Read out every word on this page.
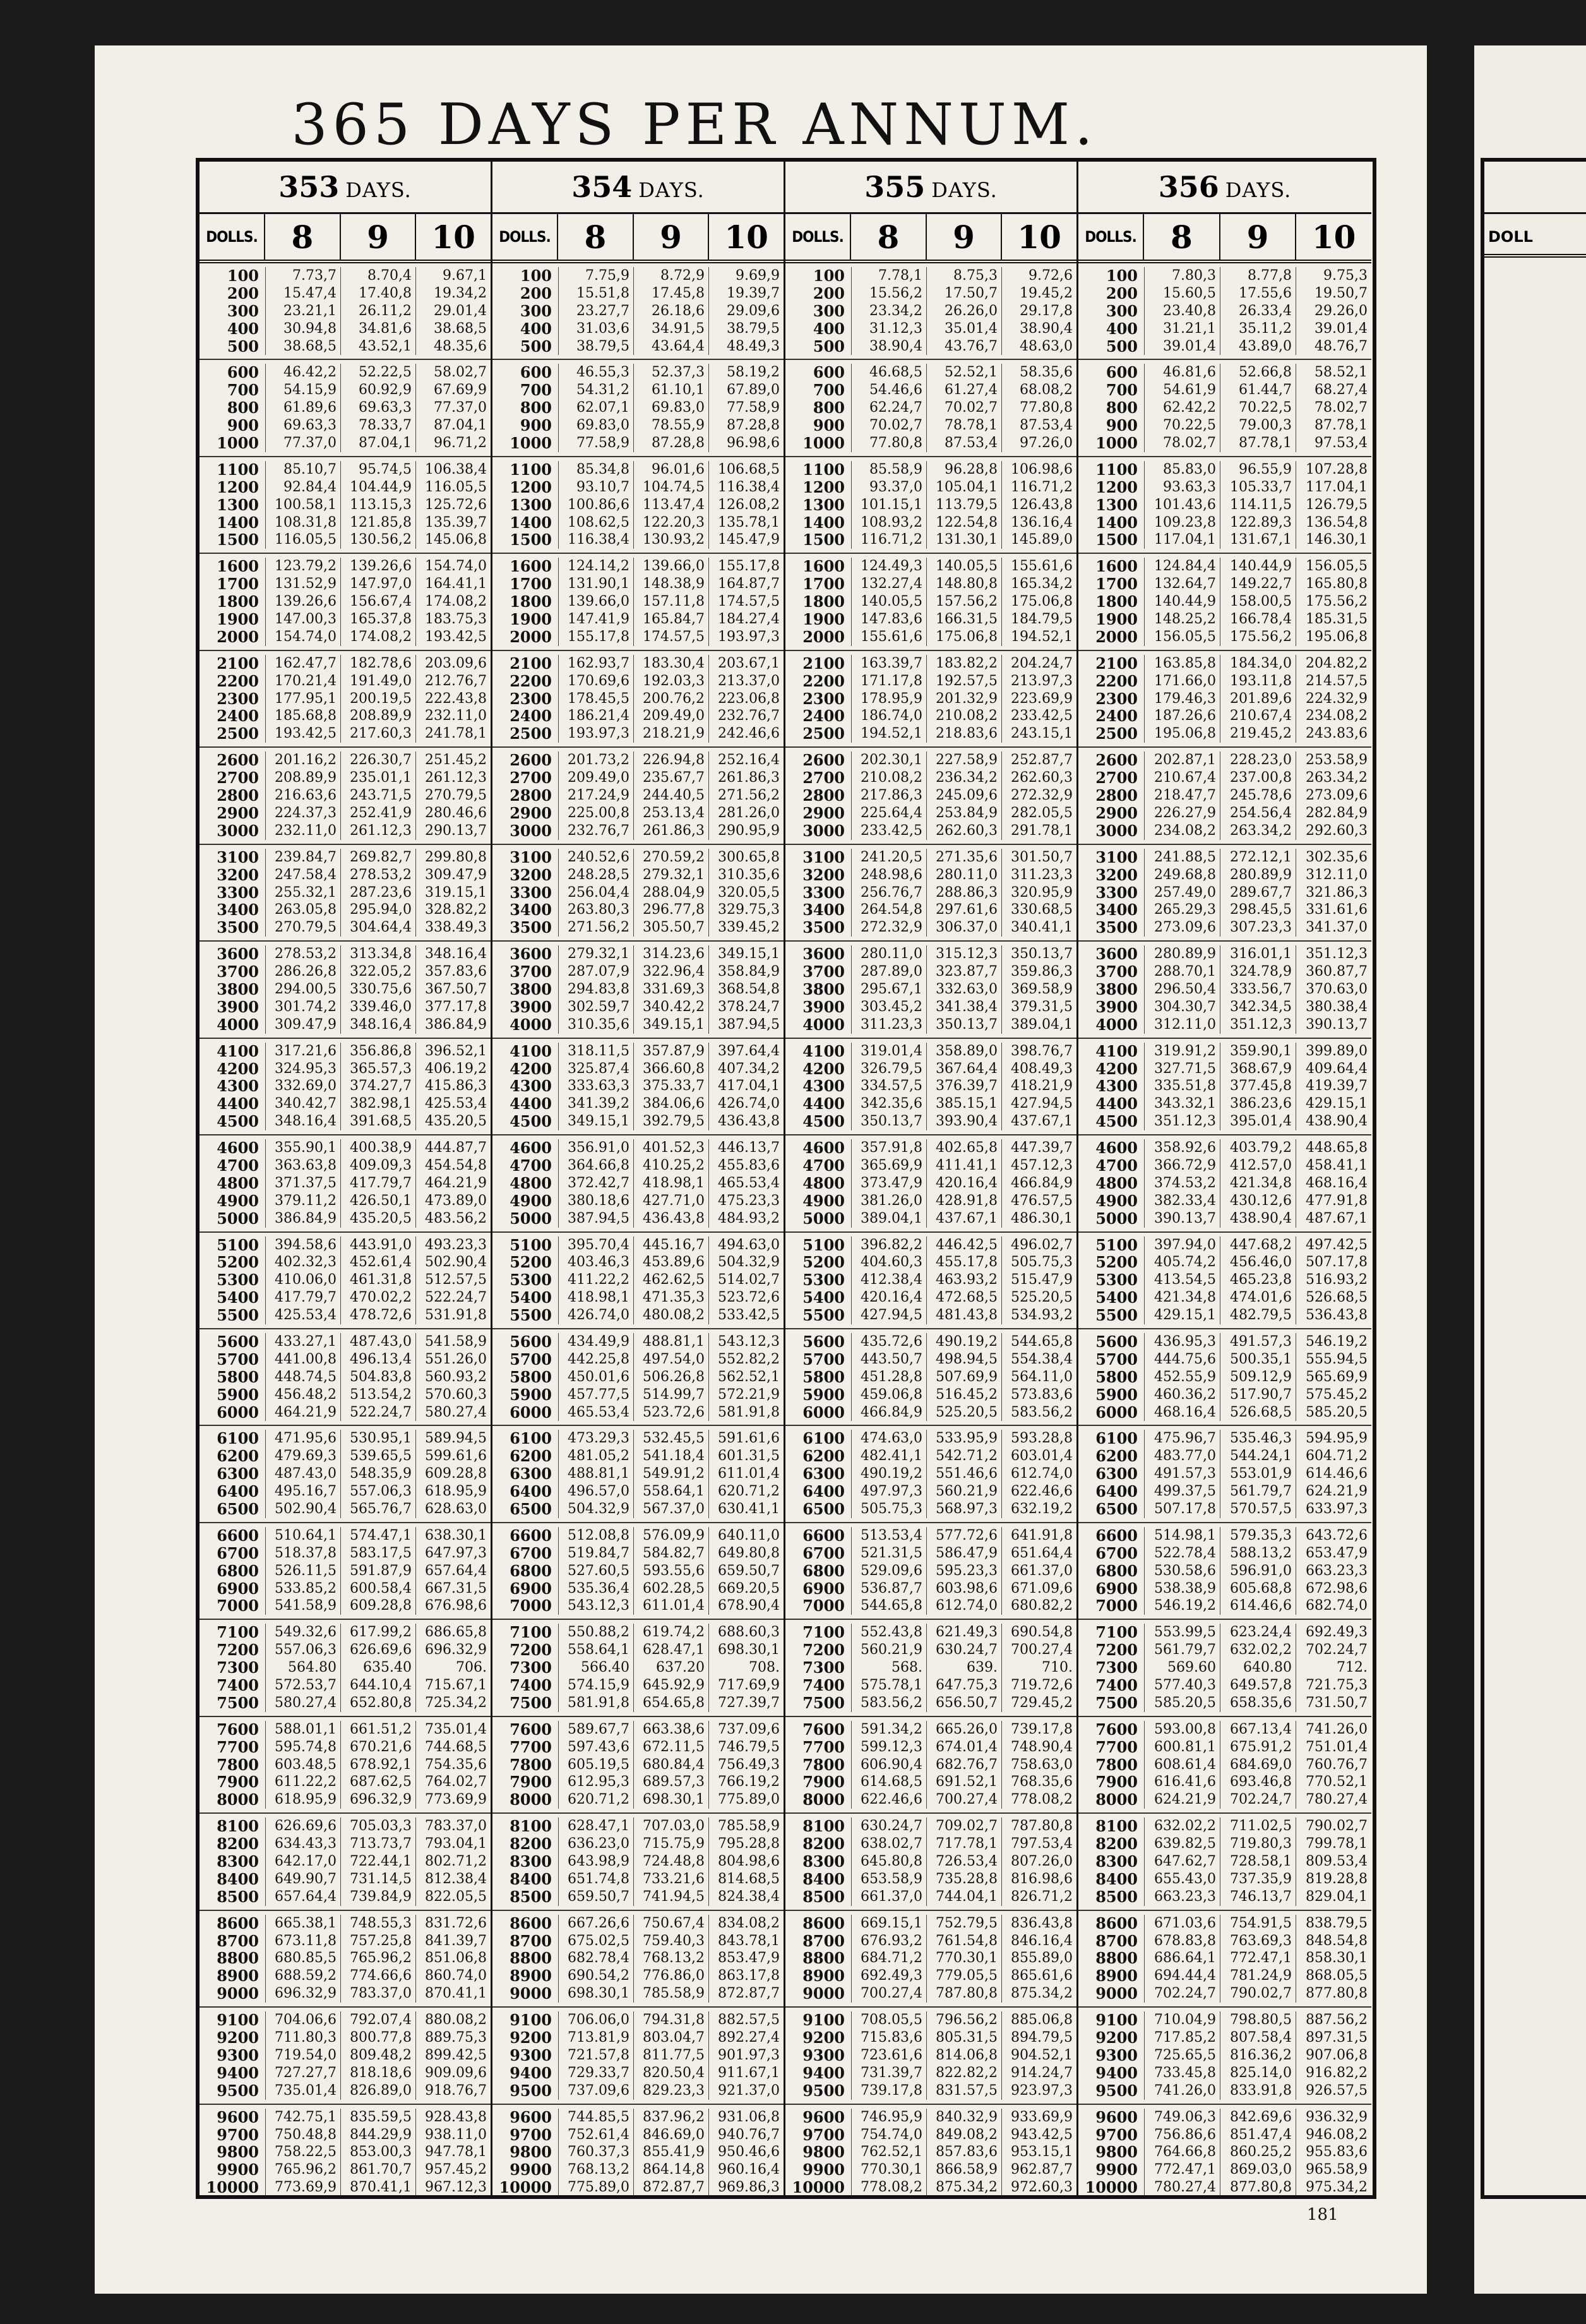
365 DAYS PER ANNUM.
353 DAYS.
DOLLS.	8	9	10
100	7.73,7	8.70,4	9.67,1
200	15.47,4	17.40,8	19.34,2
300	23.21,1	26.11,2	29.01,4
400	30.94,8	34.81,6	38.68,5
500	38.68,5	43.52,1	48.35,6
600	46.42,2	52.22,5	58.02,7
700	54.15,9	60.92,9	67.69,9
800	61.89,6	69.63,3	77.37,0
900	69.63,3	78.33,7	87.04,1
1000	77.37,0	87.04,1	96.71,2
1100	85.10,7	95.74,5 106.38,4
1200	92.84,4 104.44,9 116.05,5
1300	100.58,1 113.15,3 125.72,6
1400	108.31,8 121.85,8 135.39,7
1500	116.05,5 130.56,2 145.06,8
1600	123.79,2 139.26,6 154.74,0
1700	131.52,9 147.97,0 164.41,1
1800	139.26,6 156.67,4 174.08,2
1900	147.00,3 165.37,8 183.75,3
2000	154.74,0 174.08,2 193.42,5
2100	162.47,7 182.78,6 203.09,6
2200	170.21,4 191.49,0 212.76,7
2300	177.95,1 200.19,5 222.43,8
2400	185.68,8 208.89,9 232.11,0
2500	193.42,5 217.60,3 241.78,1
2600	201.16,2 226.30,7 251.45,2
2700	208.89,9 235.01,1 261.12,3
2800	216.63,6 243.71,5 270.79,5
2900	224.37,3 252.41,9 280.46,6
3000	232.11,0 261.12,3 290.13,7
3100	239.84,7 269.82,7 299.80,8
3200	247.58,4 278.53,2 309.47,9
3300	255.32,1 287.23,6 319.15,1
3400	263.05,8 295.94,0 328.82,2
3500	270.79,5 304.64,4 338.49,3
3600	278.53,2 313.34,8 348.16,4
3700	286.26,8 322.05,2 357.83,6
3800	294.00,5 330.75,6 367.50,7
3900	301.74,2 339.46,0 377.17,8
4000	309.47,9 348.16,4 386.84,9
4100	317.21,6 356.86,8 396.52,1
4200	324.95,3 365.57,3 406.19,2
4300	332.69,0 374.27,7 415.86,3
4400	340.42,7 382.98,1 425.53,4
4500	348.16,4 391.68,5 435.20,5
4600	355.90,1 400.38,9 444.87,7
4700	363.63,8 409.09,3 454.54,8
4800	371.37,5 417.79,7 464.21,9
4900	379.11,2 426.50,1 473.89,0
5000	386.84,9 435.20,5 483.56,2
5100	394.58,6 443.91,0 493.23,3
5200	402.32,3 452.61,4 502.90,4
5300	410.06,0 461.31,8 512.57,5
5400	417.79,7 470.02,2 522.24,7
5500	425.53,4 478.72,6 531.91,8
5600	433.27,1 487.43,0 541.58,9
5700	441.00,8 496.13,4 551.26,0
5800	448.74,5 504.83,8 560.93,2
5900	456.48,2 513.54,2 570.60,3
6000	464.21,9 522.24,7 580.27,4
6100	471.95,6 530.95,1 589.94,5
6200	479.69,3 539.65,5 599.61,6
6300	487.43,0 548.35,9 609.28,8
6400	495.16,7 557.06,3 618.95,9
6500	502.90,4 565.76,7 628.63,0
6600	510.64,1 574.47,1 638.30,1
6700	518.37,8 583.17,5 647.97,3
6800	526.11,5 591.87,9 657.64,4
6900	533.85,2 600.58,4 667.31,5
7000	541.58,9 609.28,8 676.98,6
7100	549.32,6 617.99,2 686.65,8
7200	557.06,3 626.69,6 696.32,9
7300	564.80	635.40	706.
7400	572.53,7 644.10,4 715.67,1
7500	580.27,4 652.80,8 725.34,2
7600	588.01,1 661.51,2 735.01,4
7700	595.74,8 670.21,6 744.68,5
7800	603.48,5 678.92,1 754.35,6
7900	611.22,2 687.62,5 764.02,7
8000	618.95,9 696.32,9 773.69,9
8100	626.69,6 705.03,3 783.37,0
8200	634.43,3 713.73,7 793.04,1
8300	642.17,0 722.44,1 802.71,2
8400	649.90,7 731.14,5 812.38,4
8500	657.64,4 739.84,9 822.05,5
8600	665.38,1 748.55,3 831.72,6
8700	673.11,8 757.25,8 841.39,7
8800	680.85,5 765.96,2 851.06,8
8900	688.59,2 774.66,6 860.74,0
9000	696.32,9 783.37,0 870.41,1
9100	704.06,6 792.07,4 880.08,2
9200	711.80,3 800.77,8 889.75,3
9300	719.54,0 809.48,2 899.42,5
9400	727.27,7 818.18,6 909.09,6
9500	735.01,4 826.89,0 918.76,7
9600	742.75,1 835.59,5 928.43,8
9700	750.48,8 844.29,9 938.11,0
9800	758.22,5 853.00,3 947.78,1
9900	765.96,2 861.70,7 957.45,2
10000	773.69,9 870.41,1 967.12,3
354 DAYS.
DOLLS.	8	9	10
100	7.75,9	8.72,9	9.69,9
200	15.51,8	17.45,8	19.39,7
300	23.27,7	26.18,6	29.09,6
400	31.03,6	34.91,5	38.79,5
500	38.79,5	43.64,4	48.49,3
600	46.55,3	52.37,3	58.19,2
700	54.31,2	61.10,1	67.89,0
800	62.07,1	69.83,0	77.58,9
900	69.83,0	78.55,9	87.28,8
1000	77.58,9	87.28,8	96.98,6
1100	85.34,8	96.01,6 106.68,5
1200	93.10,7 104.74,5 116.38,4
1300	100.86,6 113.47,4 126.08,2
1400	108.62,5 122.20,3 135.78,1
1500	116.38,4 130.93,2 145.47,9
1600	124.14,2 139.66,0 155.17,8
1700	131.90,1 148.38,9 164.87,7
1800	139.66,0 157.11,8 174.57,5
1900	147.41,9 165.84,7 184.27,4
2000	155.17,8 174.57,5 193.97,3
2100	162.93,7 183.30,4 203.67,1
2200	170.69,6 192.03,3 213.37,0
2300	178.45,5 200.76,2 223.06,8
2400	186.21,4 209.49,0 232.76,7
2500	193.97,3 218.21,9 242.46,6
2600	201.73,2 226.94,8 252.16,4
2700	209.49,0 235.67,7 261.86,3
2800	217.24,9 244.40,5 271.56,2
2900	225.00,8 253.13,4 281.26,0
3000	232.76,7 261.86,3 290.95,9
3100	240.52,6 270.59,2 300.65,8
3200	248.28,5 279.32,1 310.35,6
3300	256.04,4 288.04,9 320.05,5
3400	263.80,3 296.77,8 329.75,3
3500	271.56,2 305.50,7 339.45,2
3600	279.32,1 314.23,6 349.15,1
3700	287.07,9 322.96,4 358.84,9
3800	294.83,8 331.69,3 368.54,8
3900	302.59,7 340.42,2 378.24,7
4000	310.35,6 349.15,1 387.94,5
4100	318.11,5 357.87,9 397.64,4
4200	325.87,4 366.60,8 407.34,2
4300	333.63,3 375.33,7 417.04,1
4400	341.39,2 384.06,6 426.74,0
4500	349.15,1 392.79,5 436.43,8
4600	356.91,0 401.52,3 446.13,7
4700	364.66,8 410.25,2 455.83,6
4800	372.42,7 418.98,1 465.53,4
4900	380.18,6 427.71,0 475.23,3
5000	387.94,5 436.43,8 484.93,2
5100	395.70,4 445.16,7 494.63,0
5200	403.46,3 453.89,6 504.32,9
5300	411.22,2 462.62,5 514.02,7
5400	418.98,1 471.35,3 523.72,6
5500	426.74,0 480.08,2 533.42,5
5600	434.49,9 488.81,1 543.12,3
5700	442.25,8 497.54,0 552.82,2
5800	450.01,6 506.26,8 562.52,1
5900	457.77,5 514.99,7 572.21,9
6000	465.53,4 523.72,6 581.91,8
6100	473.29,3 532.45,5 591.61,6
6200	481.05,2 541.18,4 601.31,5
6300	488.81,1 549.91,2 611.01,4
6400	496.57,0 558.64,1 620.71,2
6500	504.32,9 567.37,0 630.41,1
6600	512.08,8 576.09,9 640.11,0
6700	519.84,7 584.82,7 649.80,8
6800	527.60,5 593.55,6 659.50,7
6900	535.36,4 602.28,5 669.20,5
7000	543.12,3 611.01,4 678.90,4
7100	550.88,2 619.74,2 688.60,3
7200	558.64,1 628.47,1 698.30,1
7300	566.40	637.20	708.
7400	574.15,9 645.92,9 717.69,9
7500	581.91,8 654.65,8 727.39,7
7600	589.67,7 663.38,6 737.09,6
7700	597.43,6 672.11,5 746.79,5
7800	605.19,5 680.84,4 756.49,3
7900	612.95,3 689.57,3 766.19,2
8000	620.71,2 698.30,1 775.89,0
8100	628.47,1 707.03,0 785.58,9
8200	636.23,0 715.75,9 795.28,8
8300	643.98,9 724.48,8 804.98,6
8400	651.74,8 733.21,6 814.68,5
8500	659.50,7 741.94,5 824.38,4
8600	667.26,6 750.67,4 834.08,2
8700	675.02,5 759.40,3 843.78,1
8800	682.78,4 768.13,2 853.47,9
8900	690.54,2 776.86,0 863.17,8
9000	698.30,1 785.58,9 872.87,7
9100	706.06,0 794.31,8 882.57,5
9200	713.81,9 803.04,7 892.27,4
9300	721.57,8 811.77,5 901.97,3
9400	729.33,7 820.50,4 911.67,1
9500	737.09,6 829.23,3 921.37,0
9600	744.85,5 837.96,2 931.06,8
9700	752.61,4 846.69,0 940.76,7
9800	760.37,3 855.41,9 950.46,6
9900	768.13,2 864.14,8 960.16,4
10000	775.89,0 872.87,7 969.86,3
355 DAYS.
DOLLS.	8	9	10
100	7.78,1	8.75,3	9.72,6
200	15.56,2	17.50,7	19.45,2
300	23.34,2	26.26,0	29.17,8
400	31.12,3	35.01,4	38.90,4
500	38.90,4	43.76,7	48.63,0
600	46.68,5	52.52,1	58.35,6
700	54.46,6	61.27,4	68.08,2
800	62.24,7	70.02,7	77.80,8
900	70.02,7	78.78,1	87.53,4
1000	77.80,8	87.53,4	97.26,0
1100	85.58,9	96.28,8 106.98,6
1200	93.37,0 105.04,1 116.71,2
1300	101.15,1 113.79,5 126.43,8
1400	108.93,2 122.54,8 136.16,4
1500	116.71,2 131.30,1 145.89,0
1600	124.49,3 140.05,5 155.61,6
1700	132.27,4 148.80,8 165.34,2
1800	140.05,5 157.56,2 175.06,8
1900	147.83,6 166.31,5 184.79,5
2000	155.61,6 175.06,8 194.52,1
2100	163.39,7 183.82,2 204.24,7
2200	171.17,8 192.57,5 213.97,3
2300	178.95,9 201.32,9 223.69,9
2400	186.74,0 210.08,2 233.42,5
2500	194.52,1 218.83,6 243.15,1
2600	202.30,1 227.58,9 252.87,7
2700	210.08,2 236.34,2 262.60,3
2800	217.86,3 245.09,6 272.32,9
2900	225.64,4 253.84,9 282.05,5
3000	233.42,5 262.60,3 291.78,1
3100	241.20,5 271.35,6 301.50,7
3200	248.98,6 280.11,0 311.23,3
3300	256.76,7 288.86,3 320.95,9
3400	264.54,8 297.61,6 330.68,5
3500	272.32,9 306.37,0 340.41,1
3600	280.11,0 315.12,3 350.13,7
3700	287.89,0 323.87,7 359.86,3
3800	295.67,1 332.63,0 369.58,9
3900	303.45,2 341.38,4 379.31,5
4000	311.23,3 350.13,7 389.04,1
4100	319.01,4 358.89,0 398.76,7
4200	326.79,5 367.64,4 408.49,3
4300	334.57,5 376.39,7 418.21,9
4400	342.35,6 385.15,1 427.94,5
4500	350.13,7 393.90,4 437.67,1
4600	357.91,8 402.65,8 447.39,7
4700	365.69,9 411.41,1 457.12,3
4800	373.47,9 420.16,4 466.84,9
4900	381.26,0 428.91,8 476.57,5
5000	389.04,1 437.67,1 486.30,1
5100	396.82,2 446.42,5 496.02,7
5200	404.60,3 455.17,8 505.75,3
5300	412.38,4 463.93,2 515.47,9
5400	420.16,4 472.68,5 525.20,5
5500	427.94,5 481.43,8 534.93,2
5600	435.72,6 490.19,2 544.65,8
5700	443.50,7 498.94,5 554.38,4
5800	451.28,8 507.69,9 564.11,0
5900	459.06,8 516.45,2 573.83,6
6000	466.84,9 525.20,5 583.56,2
6100	474.63,0 533.95,9 593.28,8
6200	482.41,1 542.71,2 603.01,4
6300	490.19,2 551.46,6 612.74,0
6400	497.97,3 560.21,9 622.46,6
6500	505.75,3 568.97,3 632.19,2
6600	513.53,4 577.72,6 641.91,8
6700	521.31,5 586.47,9 651.64,4
6800	529.09,6 595.23,3 661.37,0
6900	536.87,7 603.98,6 671.09,6
7000	544.65,8 612.74,0 680.82,2
7100	552.43,8 621.49,3 690.54,8
7200	560.21,9 630.24,7 700.27,4
7300	568.	639.	710.
7400	575.78,1 647.75,3 719.72,6
7500	583.56,2 656.50,7 729.45,2
7600	591.34,2 665.26,0 739.17,8
7700	599.12,3 674.01,4 748.90,4
7800	606.90,4 682.76,7 758.63,0
7900	614.68,5 691.52,1 768.35,6
8000	622.46,6 700.27,4 778.08,2
8100	630.24,7 709.02,7 787.80,8
8200	638.02,7 717.78,1 797.53,4
8300	645.80,8 726.53,4 807.26,0
8400	653.58,9 735.28,8 816.98,6
8500	661.37,0 744.04,1 826.71,2
8600	669.15,1 752.79,5 836.43,8
8700	676.93,2 761.54,8 846.16,4
8800	684.71,2 770.30,1 855.89,0
8900	692.49,3 779.05,5 865.61,6
9000	700.27,4 787.80,8 875.34,2
9100	708.05,5 796.56,2 885.06,8
9200	715.83,6 805.31,5 894.79,5
9300	723.61,6 814.06,8 904.52,1
9400	731.39,7 822.82,2 914.24,7
9500	739.17,8 831.57,5 923.97,3
9600	746.95,9 840.32,9 933.69,9
9700	754.74,0 849.08,2 943.42,5
9800	762.52,1 857.83,6 953.15,1
9900	770.30,1 866.58,9 962.87,7
10000	778.08,2 875.34,2 972.60,3
356 DAYS.
DOLLS.	8	9	10
100	7.80,3	8.77,8	9.75,3
200	15.60,5	17.55,6	19.50,7
300	23.40,8	26.33,4	29.26,0
400	31.21,1	35.11,2	39.01,4
500	39.01,4	43.89,0	48.76,7
600	46.81,6	52.66,8	58.52,1
700	54.61,9	61.44,7	68.27,4
800	62.42,2	70.22,5	78.02,7
900	70.22,5	79.00,3	87.78,1
1000	78.02,7	87.78,1	97.53,4
1100	85.83,0	96.55,9	107.28,8
1200	93.63,3	105.33,7	117.04,1
1300	101.43,6	114.11,5	126.79,5
1400	109.23,8	122.89,3	136.54,8
1500	117.04,1	131.67,1	146.30,1
1600	124.84,4	140.44,9	156.05,5
1700	132.64,7	149.22,7	165.80,8
1800	140.44,9	158.00,5	175.56,2
1900	148.25,2	166.78,4	185.31,5
2000	156.05,5	175.56,2	195.06,8
2100	163.85,8	184.34,0	204.82,2
2200	171.66,0	193.11,8	214.57,5
2300	179.46,3	201.89,6	224.32,9
2400	187.26,6	210.67,4	234.08,2
2500	195.06,8	219.45,2	243.83,6
2600	202.87,1	228.23,0	253.58,9
2700	210.67,4	237.00,8	263.34,2
2800	218.47,7	245.78,6	273.09,6
2900	226.27,9	254.56,4	282.84,9
3000	234.08,2	263.34,2	292.60,3
3100	241.88,5	272.12,1	302.35,6
3200	249.68,8	280.89,9	312.11,0
3300	257.49,0	289.67,7	321.86,3
3400	265.29,3	298.45,5	331.61,6
3500	273.09,6	307.23,3	341.37,0
3600	280.89,9	316.01,1	351.12,3
3700	288.70,1	324.78,9	360.87,7
3800	296.50,4	333.56,7	370.63,0
3900	304.30,7	342.34,5	380.38,4
4000	312.11,0	351.12,3	390.13,7
4100	319.91,2	359.90,1	399.89,0
4200	327.71,5	368.67,9	409.64,4
4300	335.51,8	377.45,8	419.39,7
4400	343.32,1	386.23,6	429.15,1
4500	351.12,3	395.01,4	438.90,4
4600	358.92,6	403.79,2	448.65,8
4700	366.72,9	412.57,0	458.41,1
4800	374.53,2	421.34,8	468.16,4
4900	382.33,4	430.12,6	477.91,8
5000	390.13,7	438.90,4	487.67,1
5100	397.94,0	447.68,2	497.42,5
5200	405.74,2	456.46,0	507.17,8
5300	413.54,5	465.23,8	516.93,2
5400	421.34,8	474.01,6	526.68,5
5500	429.15,1	482.79,5	536.43,8
5600	436.95,3	491.57,3	546.19,2
5700	444.75,6	500.35,1	555.94,5
5800	452.55,9	509.12,9	565.69,9
5900	460.36,2	517.90,7	575.45,2
6000	468.16,4	526.68,5	585.20,5
6100	475.96,7	535.46,3	594.95,9
6200	483.77,0	544.24,1	604.71,2
6300	491.57,3	553.01,9	614.46,6
6400	499.37,5	561.79,7	624.21,9
6500	507.17,8	570.57,5	633.97,3
6600	514.98,1	579.35,3	643.72,6
6700	522.78,4	588.13,2	653.47,9
6800	530.58,6	596.91,0	663.23,3
6900	538.38,9	605.68,8	672.98,6
7000	546.19,2	614.46,6	682.74,0
7100	553.99,5	623.24,4	692.49,3
7200	561.79,7	632.02,2	702.24,7
7300	569.60	640.80	712.
7400	577.40,3	649.57,8	721.75,3
7500	585.20,5	658.35,6	731.50,7
7600	593.00,8	667.13,4	741.26,0
7700	600.81,1	675.91,2	751.01,4
7800	608.61,4	684.69,0	760.76,7
7900	616.41,6	693.46,8	770.52,1
8000	624.21,9	702.24,7	780.27,4
8100	632.02,2	711.02,5	790.02,7
8200	639.82,5	719.80,3	799.78,1
8300	647.62,7	728.58,1	809.53,4
8400	655.43,0	737.35,9	819.28,8
8500	663.23,3	746.13,7	829.04,1
8600	671.03,6	754.91,5	838.79,5
8700	678.83,8	763.69,3	848.54,8
8800	686.64,1	772.47,1	858.30,1
8900	694.44,4	781.24,9	868.05,5
9000	702.24,7	790.02,7	877.80,8
9100	710.04,9	798.80,5	887.56,2
9200	717.85,2	807.58,4	897.31,5
9300	725.65,5	816.36,2	907.06,8
9400	733.45,8	825.14,0	916.82,2
9500	741.26,0	833.91,8	926.57,5
9600	749.06,3	842.69,6	936.32,9
9700	756.86,6	851.47,4	946.08,2
9800	764.66,8	860.25,2	955.83,6
9900	772.47,1	869.03,0	965.58,9
10000	780.27,4	877.80,8	975.34,2
181
DOLL
